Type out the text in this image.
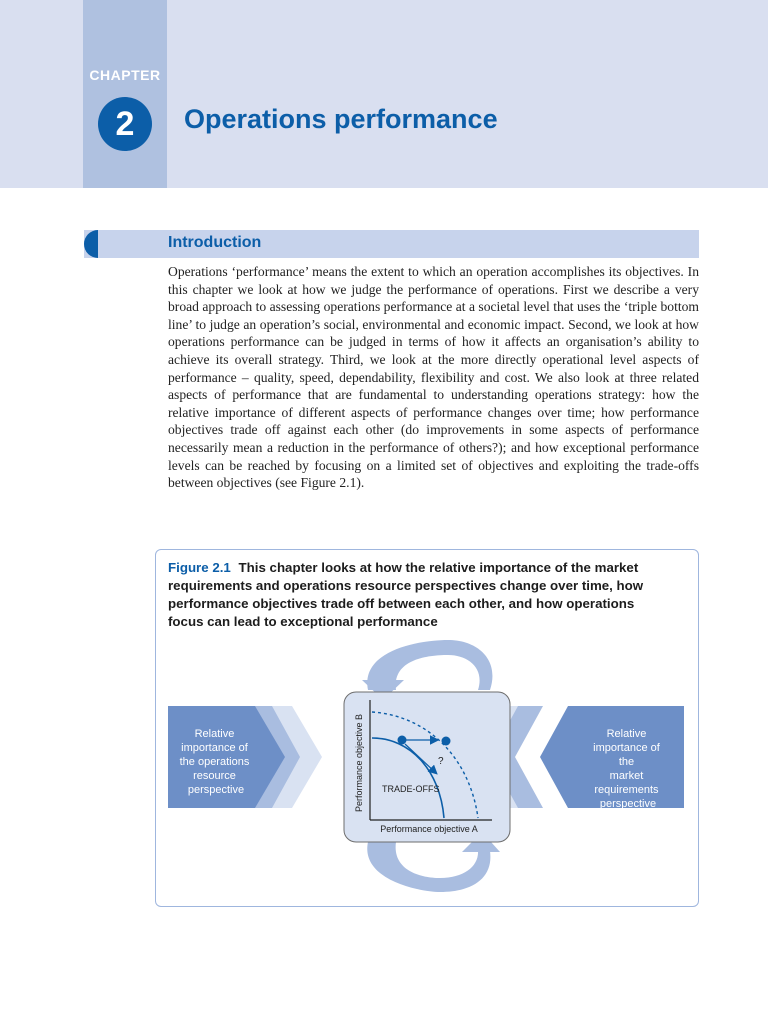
CHAPTER
2	Operations performance
Introduction

Operations ‘performance’ means the extent to which an operation accomplishes its objectives. In this chapter we look at how we judge the performance of operations. First we describe a very broad approach to assessing operations performance at a societal level that uses the ‘triple bottom line’ to judge an operation’s social, environmental and economic impact. Second, we look at how operations performance can be judged in terms of how it affects an organisation’s ability to achieve its overall strategy. Third, we look at the more directly operational level aspects of performance – quality, speed, dependability, flexibility and cost. We also look at three related aspects of performance that are fundamental to understanding operations strategy: how the relative importance of different aspects of performance changes over time; how performance objectives trade off against each other (do improvements in some aspects of performance necessarily mean a reduction in the performance of others?); and how exceptional performance levels can be reached by focusing on a limited set of objectives and exploiting the trade-offs between objectives (see Figure 2.1).

Figure 2.1 This chapter looks at how the relative importance of the market requirements and operations resource perspectives change over time, how performance objectives trade off between each other, and how operations focus can lead to exceptional performance
Relative importance of the operations resource perspective
Relative importance of the market requirements perspective
Performance objective B
Performance objective A
?
TRADE-OFFS
